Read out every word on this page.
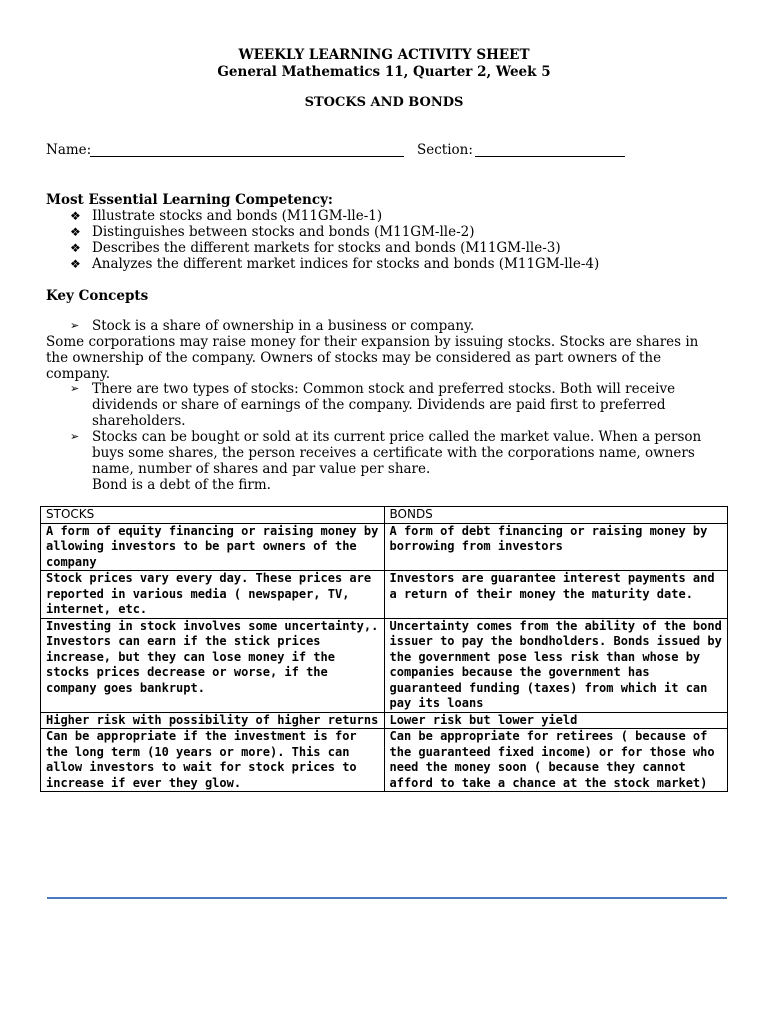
WEEKLY LEARNING ACTIVITY SHEET
General Mathematics 11, Quarter 2, Week 5
STOCKS AND BONDS
Name:	Section:
Most Essential Learning Competency:
❖ Illustrate stocks and bonds (M11GM-lle-1)
❖ Distinguishes between stocks and bonds (M11GM-lle-2)
❖ Describes the different markets for stocks and bonds (M11GM-lle-3)
❖ Analyzes the different market indices for stocks and bonds (M11GM-lle-4)
Key Concepts
➢ Stock is a share of ownership in a business or company.
Some corporations may raise money for their expansion by issuing stocks. Stocks are shares in the ownership of the company. Owners of stocks may be considered as part owners of the company.
➢ There are two types of stocks: Common stock and preferred stocks. Both will receive dividends or share of earnings of the company. Dividends are paid first to preferred shareholders.
➢ Stocks can be bought or sold at its current price called the market value. When a person buys some shares, the person receives a certificate with the corporations name, owners name, number of shares and par value per share.
Bond is a debt of the firm.
STOCKS	BONDS
A form of equity financing or raising money by allowing investors to be part owners of the company	A form of debt financing or raising money by borrowing from investors
Stock prices vary every day. These prices are reported in various media ( newspaper, TV, internet, etc.	Investors are guarantee interest payments and a return of their money the maturity date.
Investing in stock involves some uncertainty,. Investors can earn if the stick prices increase, but they can lose money if the stocks prices decrease or worse, if the company goes bankrupt.	Uncertainty comes from the ability of the bond issuer to pay the bondholders. Bonds issued by the government pose less risk than whose by companies because the government has guaranteed funding (taxes) from which it can pay its loans
Higher risk with possibility of higher returns	Lower risk but lower yield
Can be appropriate if the investment is for the long term (10 years or more). This can allow investors to wait for stock prices to increase if ever they glow.	Can be appropriate for retirees ( because of the guaranteed fixed income) or for those who need the money soon ( because they cannot afford to take a chance at the stock market)
